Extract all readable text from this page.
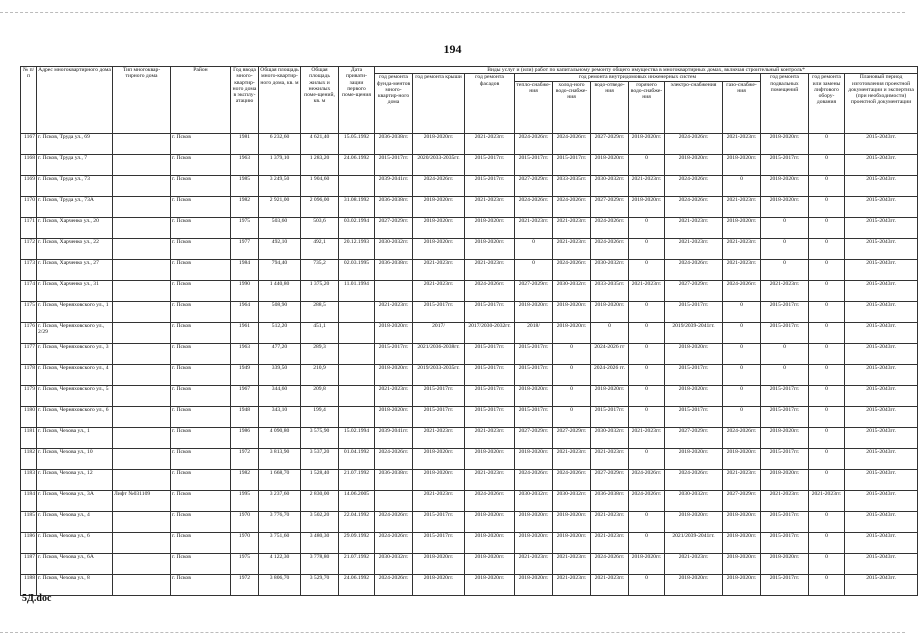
194
№ п/п	Адрес многоквартирного дома	Тип многоквар-тирного дома	Район	Год ввода много-квартир-ного дома в эксплу-атацию	Общая площадь много-квартир-ного дома, кв. м	Общая площадь жилых и нежилых поме-щений, кв. м	Дата привати-зации первого поме-щения	Виды услуг и (или) работ по капитальному ремонту общего имущества в многоквартирных домах, включая строительный контроль*											
								год ремонта фунда-ментов много-квартир-ного дома	год ремонта крыши	год ремонта фасадов	год ремонта внутридомовых инженерных систем						год ремонта подвальных помещений	год ремонта или замены лифтового обору-дования	Плановый период изготовления проектной документации и экспертиза (при необходимости) проектной документации
											тепло-снабже-ния	холод-ного водо-снабже-ния	водо-отведе-ния	горячего водо-снабже-ния	электро-снабжения	газо-снабже-ния			
1167	г. Псков, Труда ул., 69		г. Псков	1981	6 232,60	4 621,40	15.05.1992	2036-2038гг.	2018-2020гг.	2021-2023гг.	2024-2026гг.	2024-2026гг.	2027-2029гг.	2018-2020гг.	2024-2026гг.	2021-2023гг.	2018-2020гг.	0	2015-2043гг.
1168	г. Псков, Труда ул., 7		г. Псков	1963	1 379,10	1 283,20	24.06.1992	2015-2017гг.	2020/2033-2035гг.	2015-2017гг.	2015-2017гг.	2015-2017гг.	2018-2020гг.	0	2018-2020гг.	2018-2020гг.	2015-2017гг.	0	2015-2043гг.
1169	г. Псков, Труда ул., 73		г. Псков	1985	3 249,50	1 904,60		2039-2041гг.	2024-2026гг.	2015-2017гг.	2027-2029гг.	2033-2035гг.	2030-2032гг.	2021-2023гг.	2024-2026гг.	0	2018-2020гг.	0	2015-2043гг.
1170	г. Псков, Труда ул., 73А		г. Псков	1982	2 921,00	2 096,00	31.08.1992	2036-2038гг.	2018-2020гг.	2021-2023гг.	2024-2026гг.	2024-2026гг.	2027-2029гг.	2018-2020гг.	2024-2026гг.	2021-2023гг.	2018-2020гг.	0	2015-2043гг.
1171	г. Псков, Харченко ул., 20		г. Псков	1975	503,60	503,6	03.02.1994	2027-2029гг.	2018-2020гг.	2018-2020гг.	2021-2023гг.	2021-2023гг.	2024-2026гг.	0	2021-2023гг.	2018-2020гг.	0	0	2015-2043гг.
1172	г. Псков, Харченко ул., 22		г. Псков	1977	492,10	492,1	20.12.1993	2030-2032гг.	2018-2020гг.	2018-2020гг.	0	2021-2023гг.	2024-2026гг.	0	2021-2023гг.	2021-2023гг.	0	0	2015-2043гг.
1173	г. Псков, Харченко ул., 27		г. Псков	1984	794,40	735,2	02.03.1995	2036-2038гг.	2021-2023гг.	2021-2023гг.	0	2024-2026гг.	2030-2032гг.	0	2024-2026гг.	2021-2023гг.	0	0	2015-2043гг.
1174	г. Псков, Харченко ул., 31		г. Псков	1990	1 440,80	1 375,20	11.01.1994		2021-2023гг.	2024-2026гг.	2027-2029гг.	2030-2032гг.	2033-2035гг.	2021-2023гг.	2027-2029гг.	2024-2026гг.	2021-2023гг.	0	2015-2043гг.
1175	г. Псков, Черняховского ул., 1		г. Псков	1964	508,90	288,5		2021-2023гг.	2015-2017гг.	2015-2017гг.	2018-2020гг.	2018-2020гг.	2018-2020гг.	0	2015-2017гг.	0	2015-2017гг.	0	2015-2043гг.
1176	г. Псков, Черняховского ул., 2/29		г. Псков	1961	512,20	451,1		2018-2020гг.	2017/	2017/2030-2032гг.	2018/	2018-2020гг.	0	0	2019/2039-2041гг.	0	2015-2017гг.	0	2015-2043гг.
1177	г. Псков, Черняховского ул., 3		г. Псков	1963	477,20	289,3		2015-2017гг.	2021/2036-2038гг.	2015-2017гг.	2015-2017гг.	0	2024-2026 гг	0	2018-2020гг.	0	0	0	2015-2043гг.
1178	г. Псков, Черняховского ул., 4		г. Псков	1949	339,50	210,9		2018-2020гг.	2019/2033-2035гг.	2015-2017гг.	2015-2017гг.	0	2024-2026 гг.	0	2015-2017гг.	0	0	0	2015-2043гг.
1179	г. Псков, Черняховского ул., 5		г. Псков	1967	344,60	209,8		2021-2023гг.	2015-2017гг.	2015-2017гг.	2018-2020гг.	0	2018-2020гг.	0	2018-2020гг.	0	2015-2017гг.	0	2015-2043гг.
1180	г. Псков, Черняховского ул., 6		г. Псков	1948	343,10	199,4		2018-2020гг.	2015-2017гг.	2015-2017гг.	2015-2017гг.	0	2015-2017гг.	0	2015-2017гг.	0	2015-2017гг.	0	2015-2043гг.
1181	г. Псков, Чехова ул., 1		г. Псков	1986	4 090,80	3 575,90	15.02.1994	2039-2041гг.	2021-2023гг.	2021-2023гг.	2027-2029гг.	2027-2029гг.	2030-2032гг.	2021-2023гг.	2027-2029гг.	2024-2026гг.	2018-2020гг.	0	2015-2043гг.
1182	г. Псков, Чехова ул., 10		г. Псков	1972	3 813,90	3 537,20	01.04.1992	2024-2026гг.	2018-2020гг.	2018-2020гг.	2018-2020гг.	2021-2023гг.	2021-2023гг.	0	2018-2020гг.	2018-2020гг.	2015-2017гг.	0	2015-2043гг.
1183	г. Псков, Чехова ул., 12		г. Псков	1982	1 668,70	1 528,40	21.07.1992	2036-2038гг.	2018-2020гг.	2021-2023гг.	2024-2026гг.	2024-2026гг.	2027-2029гг.	2024-2026гг.	2024-2026гг.	2021-2023гг.	2018-2020гг.	0	2015-2043гг.
1184	г. Псков, Чехова ул., 3А	Лифт №031109	г. Псков	1995	3 237,60	2 830,00	14.06.2005		2021-2023гг.	2024-2026гг.	2030-2032гг.	2030-2032гг.	2036-2038гг.	2024-2026гг.	2030-2032гг.	2027-2029гг.	2021-2023гг.	2021-2023гг.	2015-2043гг.
1185	г. Псков, Чехова ул., 4		г. Псков	1970	3 776,70	3 502,20	22.04.1992	2024-2026гг.	2015-2017гг.	2018-2020гг.	2018-2020гг.	2018-2020гг.	2021-2023гг.	0	2018-2020гг.	2018-2020гг.	2015-2017гг.	0	2015-2043гг.
1186	г. Псков, Чехова ул., 6		г. Псков	1970	3 751,60	3 480,30	29.09.1992	2024-2026гг.	2015-2017гг.	2018-2020гг.	2018-2020гг.	2018-2020гг.	2021-2023гг.	0	2021/2039-2041гг.	2018-2020гг.	2015-2017гг.	0	2015-2043гг.
1187	г. Псков, Чехова ул., 6А		г. Псков	1975	4 122,30	3 778,80	21.07.1992	2030-2032гг.	2018-2020гг.	2018-2020гг.	2021-2023гг.	2021-2023гг.	2024-2026гг.	2018-2020гг.	2021-2023гг.	2018-2020гг.	2018-2020гг.	0	2015-2043гг.
1188	г. Псков, Чехова ул., 8		г. Псков	1972	3 806,70	3 529,70	24.06.1992	2024-2026гг.	2018-2020гг.	2018-2020гг.	2018-2020гг.	2021-2023гг.	2021-2023гг.	0	2018-2020гг.	2018-2020гг.	2015-2017гг.	0	2015-2043гг.
5Д.doc
